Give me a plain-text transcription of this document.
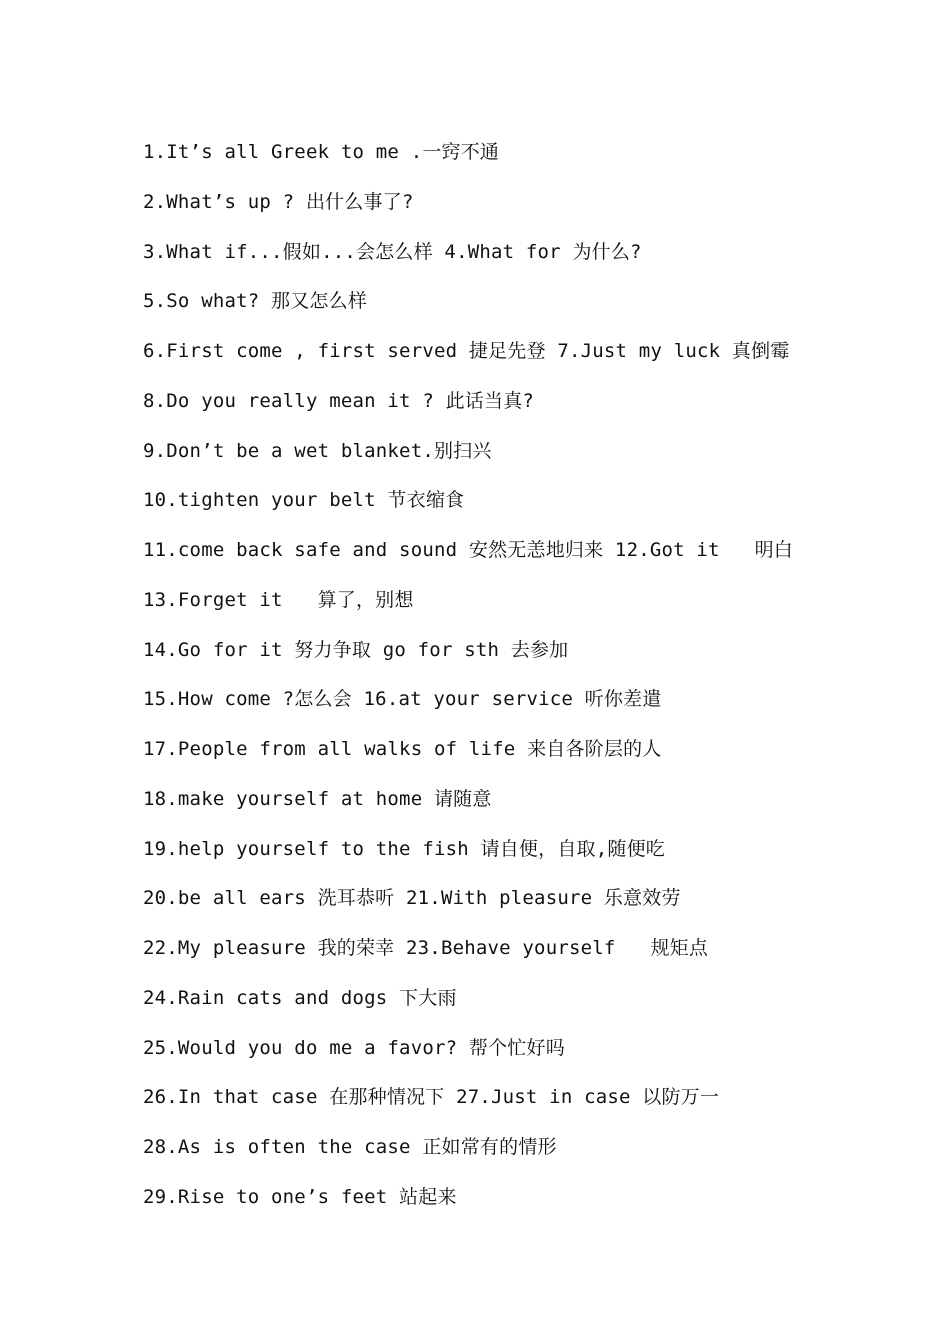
1.It’s all Greek to me .一窍不通
2.What’s up ? 出什么事了?
3.What if...假如...会怎么样 4.What for 为什么?
5.So what? 那又怎么样
6.First come , first served 捷足先登 7.Just my luck 真倒霉
8.Do you really mean it ? 此话当真?
9.Don’t be a wet blanket.别扫兴
10.tighten your belt 节衣缩食
11.come back safe and sound 安然无恙地归来 12.Got it   明白
13.Forget it   算了，别想
14.Go for it 努力争取 go for sth 去参加
15.How come ?怎么会 16.at your service 听你差遣
17.People from all walks of life 来自各阶层的人
18.make yourself at home 请随意
19.help yourself to the fish 请自便，自取,随便吃
20.be all ears 洗耳恭听 21.With pleasure 乐意效劳
22.My pleasure 我的荣幸 23.Behave yourself   规矩点
24.Rain cats and dogs 下大雨
25.Would you do me a favor? 帮个忙好吗
26.In that case 在那种情况下 27.Just in case 以防万一
28.As is often the case 正如常有的情形
29.Rise to one’s feet 站起来
